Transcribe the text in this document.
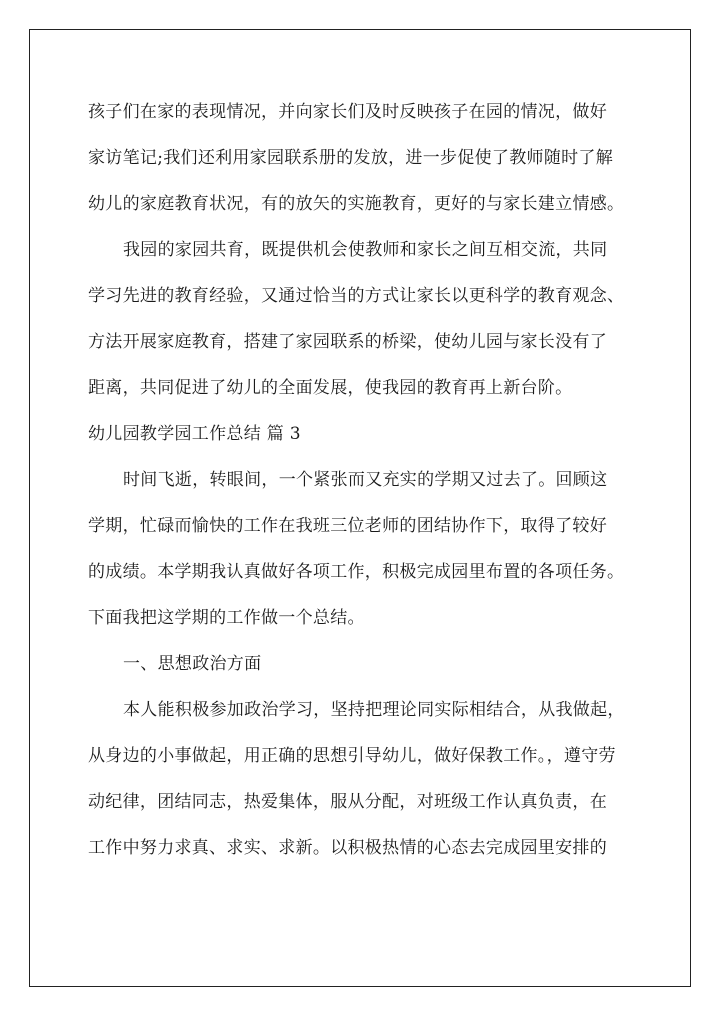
孩子们在家的表现情况，并向家长们及时反映孩子在园的情况，做好
家访笔记;我们还利用家园联系册的发放，进一步促使了教师随时了解
幼儿的家庭教育状况，有的放矢的实施教育，更好的与家长建立情感。
我园的家园共育，既提供机会使教师和家长之间互相交流，共同
学习先进的教育经验，又通过恰当的方式让家长以更科学的教育观念、
方法开展家庭教育，搭建了家园联系的桥梁，使幼儿园与家长没有了
距离，共同促进了幼儿的全面发展，使我园的教育再上新台阶。
幼儿园教学园工作总结 篇 3
时间飞逝，转眼间，一个紧张而又充实的学期又过去了。回顾这
学期，忙碌而愉快的工作在我班三位老师的团结协作下，取得了较好
的成绩。本学期我认真做好各项工作，积极完成园里布置的各项任务。
下面我把这学期的工作做一个总结。
一、思想政治方面
本人能积极参加政治学习，坚持把理论同实际相结合，从我做起，
从身边的小事做起，用正确的思想引导幼儿，做好保教工作。，遵守劳
动纪律，团结同志，热爱集体，服从分配，对班级工作认真负责，在
工作中努力求真、求实、求新。以积极热情的心态去完成园里安排的
